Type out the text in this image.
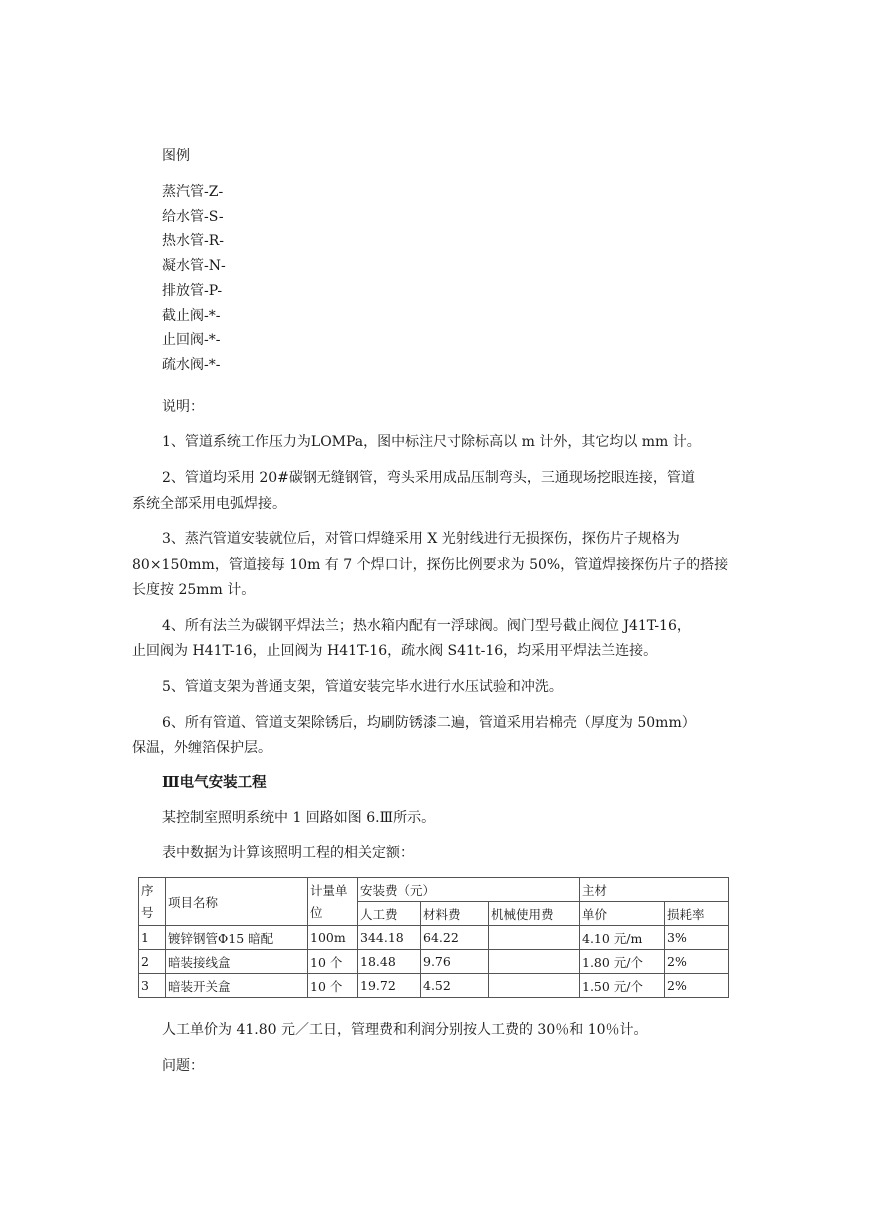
图例
蒸汽管-Z-
给水管-S-
热水管-R-
凝水管-N-
排放管-P-
截止阀-*-
止回阀-*-
疏水阀-*-
说明：
1、管道系统工作压力为LOMPa，图中标注尺寸除标高以 m 计外，其它均以 mm 计。
2、管道均采用 20#碳钢无缝钢管，弯头采用成品压制弯头，三通现场挖眼连接，管道
系统全部采用电弧焊接。
3、蒸汽管道安装就位后，对管口焊缝采用 X 光射线进行无损探伤，探伤片子规格为
80×150mm，管道接每 10m 有 7 个焊口计，探伤比例要求为 50%，管道焊接探伤片子的搭接
长度按 25mm 计。
4、所有法兰为碳钢平焊法兰；热水箱内配有一浮球阀。阀门型号截止阀位 J41T-16，
止回阀为 H41T-16，止回阀为 H41T-16，疏水阀 S41t-16，均采用平焊法兰连接。
5、管道支架为普通支架，管道安装完毕水进行水压试验和冲洗。
6、所有管道、管道支架除锈后，均刷防锈漆二遍，管道采用岩棉壳（厚度为 50mm）
保温，外缠箔保护层。
Ⅲ电气安装工程
某控制室照明系统中 1 回路如图 6.Ⅲ所示。
表中数据为计算该照明工程的相关定额：
序号	项目名称	计量单位	安装费（元）			主材	
			人工费	材料费	机械使用费	单价	损耗率
1	镀锌钢管Φ15 暗配	100m	344.18	64.22		4.10 元/m	3%
2	暗装接线盒	10 个	18.48	9.76		1.80 元/个	2%
3	暗装开关盒	10 个	19.72	4.52		1.50 元/个	2%
人工单价为 41.80 元／工日，管理费和利润分别按人工费的 30％和 10％计。
问题：
